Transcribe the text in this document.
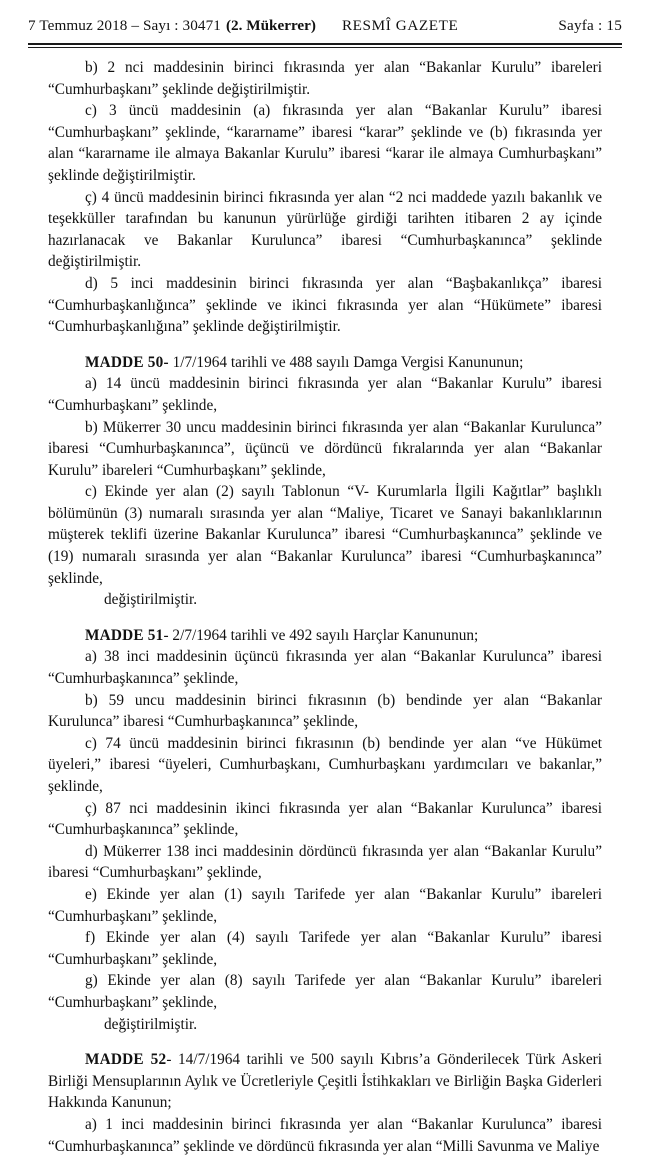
7 Temmuz 2018 – Sayı : 30471 (2. Mükerrer) RESMÎ GAZETE	Sayfa : 15

b) 2 nci maddesinin birinci fıkrasında yer alan “Bakanlar Kurulu” ibareleri “Cumhurbaşkanı” şeklinde değiştirilmiştir.

c) 3 üncü maddesinin (a) fıkrasında yer alan “Bakanlar Kurulu” ibaresi “Cumhurbaşkanı” şeklinde, “kararname” ibaresi “karar” şeklinde ve (b) fıkrasında yer alan “kararname ile almaya Bakanlar Kurulu” ibaresi “karar ile almaya Cumhurbaşkanı” şeklinde değiştirilmiştir.

ç) 4 üncü maddesinin birinci fıkrasında yer alan “2 nci maddede yazılı bakanlık ve teşekküller tarafından bu kanunun yürürlüğe girdiği tarihten itibaren 2 ay içinde hazırlanacak ve Bakanlar Kurulunca” ibaresi “Cumhurbaşkanınca” şeklinde değiştirilmiştir.

d) 5 inci maddesinin birinci fıkrasında yer alan “Başbakanlıkça” ibaresi “Cumhurbaşkanlığınca” şeklinde ve ikinci fıkrasında yer alan “Hükümete” ibaresi “Cumhurbaşkanlığına” şeklinde değiştirilmiştir.

MADDE 50- 1/7/1964 tarihli ve 488 sayılı Damga Vergisi Kanununun;

a) 14 üncü maddesinin birinci fıkrasında yer alan “Bakanlar Kurulu” ibaresi “Cumhurbaşkanı” şeklinde,

b) Mükerrer 30 uncu maddesinin birinci fıkrasında yer alan “Bakanlar Kurulunca” ibaresi “Cumhurbaşkanınca”, üçüncü ve dördüncü fıkralarında yer alan “Bakanlar Kurulu” ibareleri “Cumhurbaşkanı” şeklinde,

c) Ekinde yer alan (2) sayılı Tablonun “V- Kurumlarla İlgili Kağıtlar” başlıklı bölümünün (3) numaralı sırasında yer alan “Maliye, Ticaret ve Sanayi bakanlıklarının müşterek teklifi üzerine Bakanlar Kurulunca” ibaresi “Cumhurbaşkanınca” şeklinde ve (19) numaralı sırasında yer alan “Bakanlar Kurulunca” ibaresi “Cumhurbaşkanınca” şeklinde,

değiştirilmiştir.

MADDE 51- 2/7/1964 tarihli ve 492 sayılı Harçlar Kanununun;

a) 38 inci maddesinin üçüncü fıkrasında yer alan “Bakanlar Kurulunca” ibaresi “Cumhurbaşkanınca” şeklinde,

b) 59 uncu maddesinin birinci fıkrasının (b) bendinde yer alan “Bakanlar Kurulunca” ibaresi “Cumhurbaşkanınca” şeklinde,

c) 74 üncü maddesinin birinci fıkrasının (b) bendinde yer alan “ve Hükümet üyeleri,” ibaresi “üyeleri, Cumhurbaşkanı, Cumhurbaşkanı yardımcıları ve bakanlar,” şeklinde,

ç) 87 nci maddesinin ikinci fıkrasında yer alan “Bakanlar Kurulunca” ibaresi “Cumhurbaşkanınca” şeklinde,

d) Mükerrer 138 inci maddesinin dördüncü fıkrasında yer alan “Bakanlar Kurulu” ibaresi “Cumhurbaşkanı” şeklinde,

e) Ekinde yer alan (1) sayılı Tarifede yer alan “Bakanlar Kurulu” ibareleri “Cumhurbaşkanı” şeklinde,

f) Ekinde yer alan (4) sayılı Tarifede yer alan “Bakanlar Kurulu” ibaresi “Cumhurbaşkanı” şeklinde,

g) Ekinde yer alan (8) sayılı Tarifede yer alan “Bakanlar Kurulu” ibareleri “Cumhurbaşkanı” şeklinde,

değiştirilmiştir.

MADDE 52- 14/7/1964 tarihli ve 500 sayılı Kıbrıs’a Gönderilecek Türk Askeri Birliği Mensuplarının Aylık ve Ücretleriyle Çeşitli İstihkakları ve Birliğin Başka Giderleri Hakkında Kanunun;

a) 1 inci maddesinin birinci fıkrasında yer alan “Bakanlar Kurulunca” ibaresi “Cumhurbaşkanınca” şeklinde ve dördüncü fıkrasında yer alan “Milli Savunma ve Maliye
